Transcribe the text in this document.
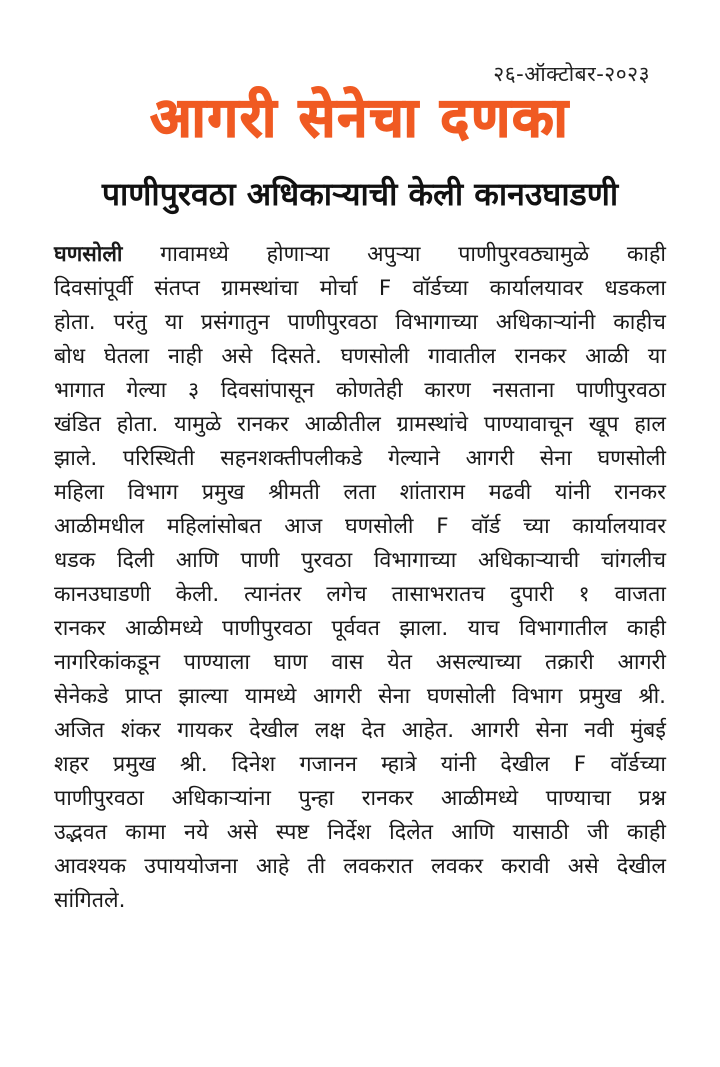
२६-ऑक्टोबर-२०२३
आगरी सेनेचा दणका
पाणीपुरवठा अधिकाऱ्याची केली कानउघाडणी
घणसोली गावामध्ये होणाऱ्या अपुऱ्या पाणीपुरवठ्यामुळे काही
दिवसांपूर्वी संतप्त ग्रामस्थांचा मोर्चा F वॉर्डच्या कार्यालयावर धडकला
होता. परंतु या प्रसंगातुन पाणीपुरवठा विभागाच्या अधिकाऱ्यांनी काहीच
बोध घेतला नाही असे दिसते. घणसोली गावातील रानकर आळी या
भागात गेल्या ३ दिवसांपासून कोणतेही कारण नसताना पाणीपुरवठा
खंडित होता. यामुळे रानकर आळीतील ग्रामस्थांचे पाण्यावाचून खूप हाल
झाले. परिस्थिती सहनशक्तीपलीकडे गेल्याने आगरी सेना घणसोली
महिला विभाग प्रमुख श्रीमती लता शांताराम मढवी यांनी रानकर
आळीमधील महिलांसोबत आज घणसोली F वॉर्ड च्या कार्यालयावर
धडक दिली आणि पाणी पुरवठा विभागाच्या अधिकाऱ्याची चांगलीच
कानउघाडणी केली. त्यानंतर लगेच तासाभरातच दुपारी १ वाजता
रानकर आळीमध्ये पाणीपुरवठा पूर्ववत झाला. याच विभागातील काही
नागरिकांकडून पाण्याला घाण वास येत असल्याच्या तक्रारी आगरी
सेनेकडे प्राप्त झाल्या यामध्ये आगरी सेना घणसोली विभाग प्रमुख श्री.
अजित शंकर गायकर देखील लक्ष देत आहेत. आगरी सेना नवी मुंबई
शहर प्रमुख श्री. दिनेश गजानन म्हात्रे यांनी देखील F वॉर्डच्या
पाणीपुरवठा अधिकाऱ्यांना पुन्हा रानकर आळीमध्ये पाण्याचा प्रश्न
उद्भवत कामा नये असे स्पष्ट निर्देश दिलेत आणि यासाठी जी काही
आवश्यक उपाययोजना आहे ती लवकरात लवकर करावी असे देखील
सांगितले.
